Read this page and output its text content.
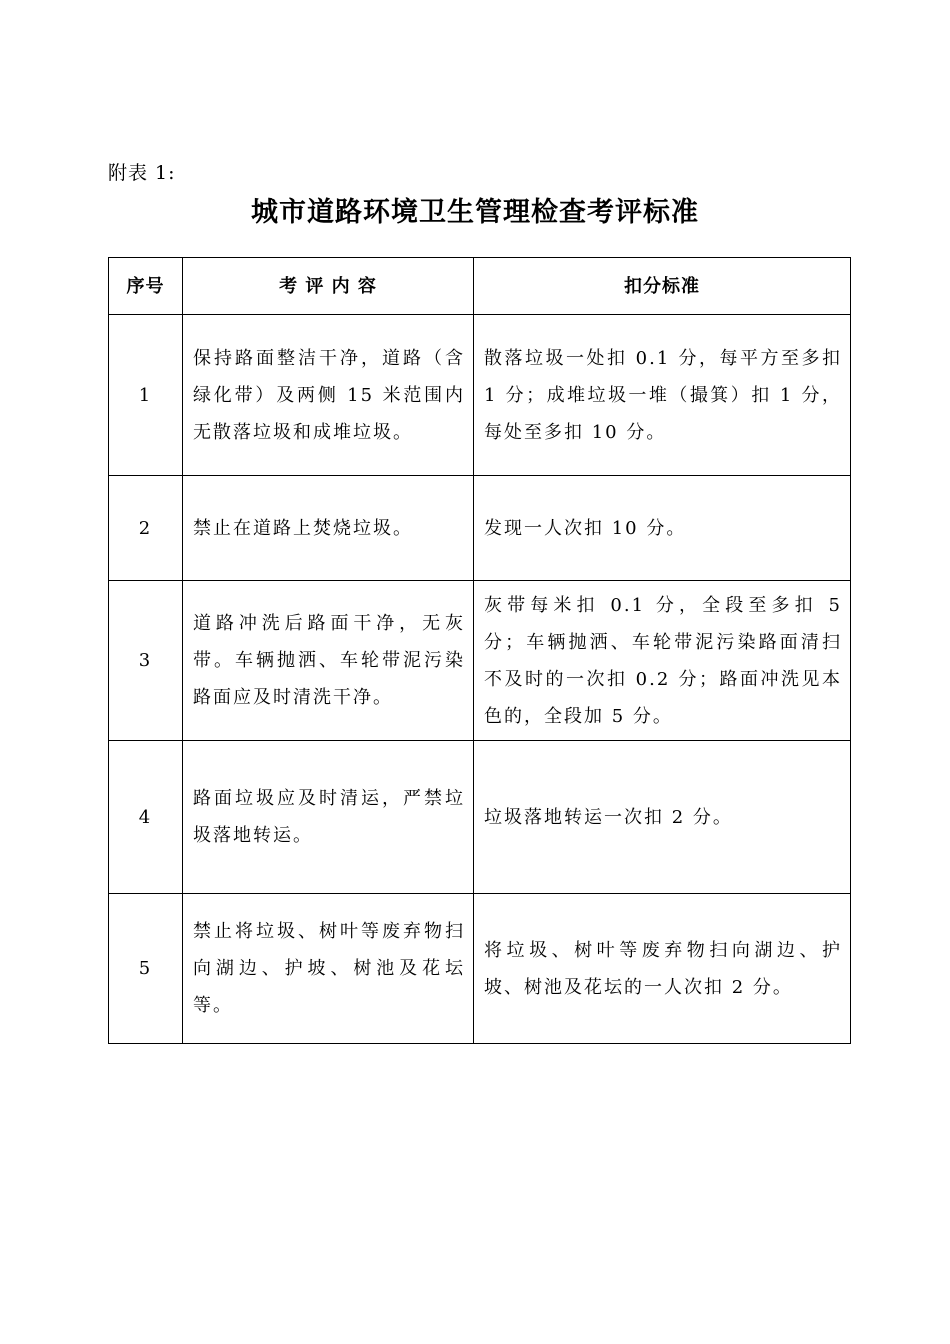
附表 1:
城市道路环境卫生管理检查考评标准
序号	考 评 内 容	扣分标准
1	保持路面整洁干净，道路（含绿化带）及两侧 15 米范围内无散落垃圾和成堆垃圾。	散落垃圾一处扣 0.1 分，每平方至多扣 1 分；成堆垃圾一堆（撮箕）扣 1 分，每处至多扣 10 分。
2	禁止在道路上焚烧垃圾。	发现一人次扣 10 分。
3	道路冲洗后路面干净，无灰带。车辆抛洒、车轮带泥污染路面应及时清洗干净。	灰带每米扣 0.1 分，全段至多扣 5 分；车辆抛洒、车轮带泥污染路面清扫不及时的一次扣 0.2 分；路面冲洗见本色的，全段加 5 分。
4	路面垃圾应及时清运，严禁垃圾落地转运。	垃圾落地转运一次扣 2 分。
5	禁止将垃圾、树叶等废弃物扫向湖边、护坡、树池及花坛等。	将垃圾、树叶等废弃物扫向湖边、护坡、树池及花坛的一人次扣 2 分。
